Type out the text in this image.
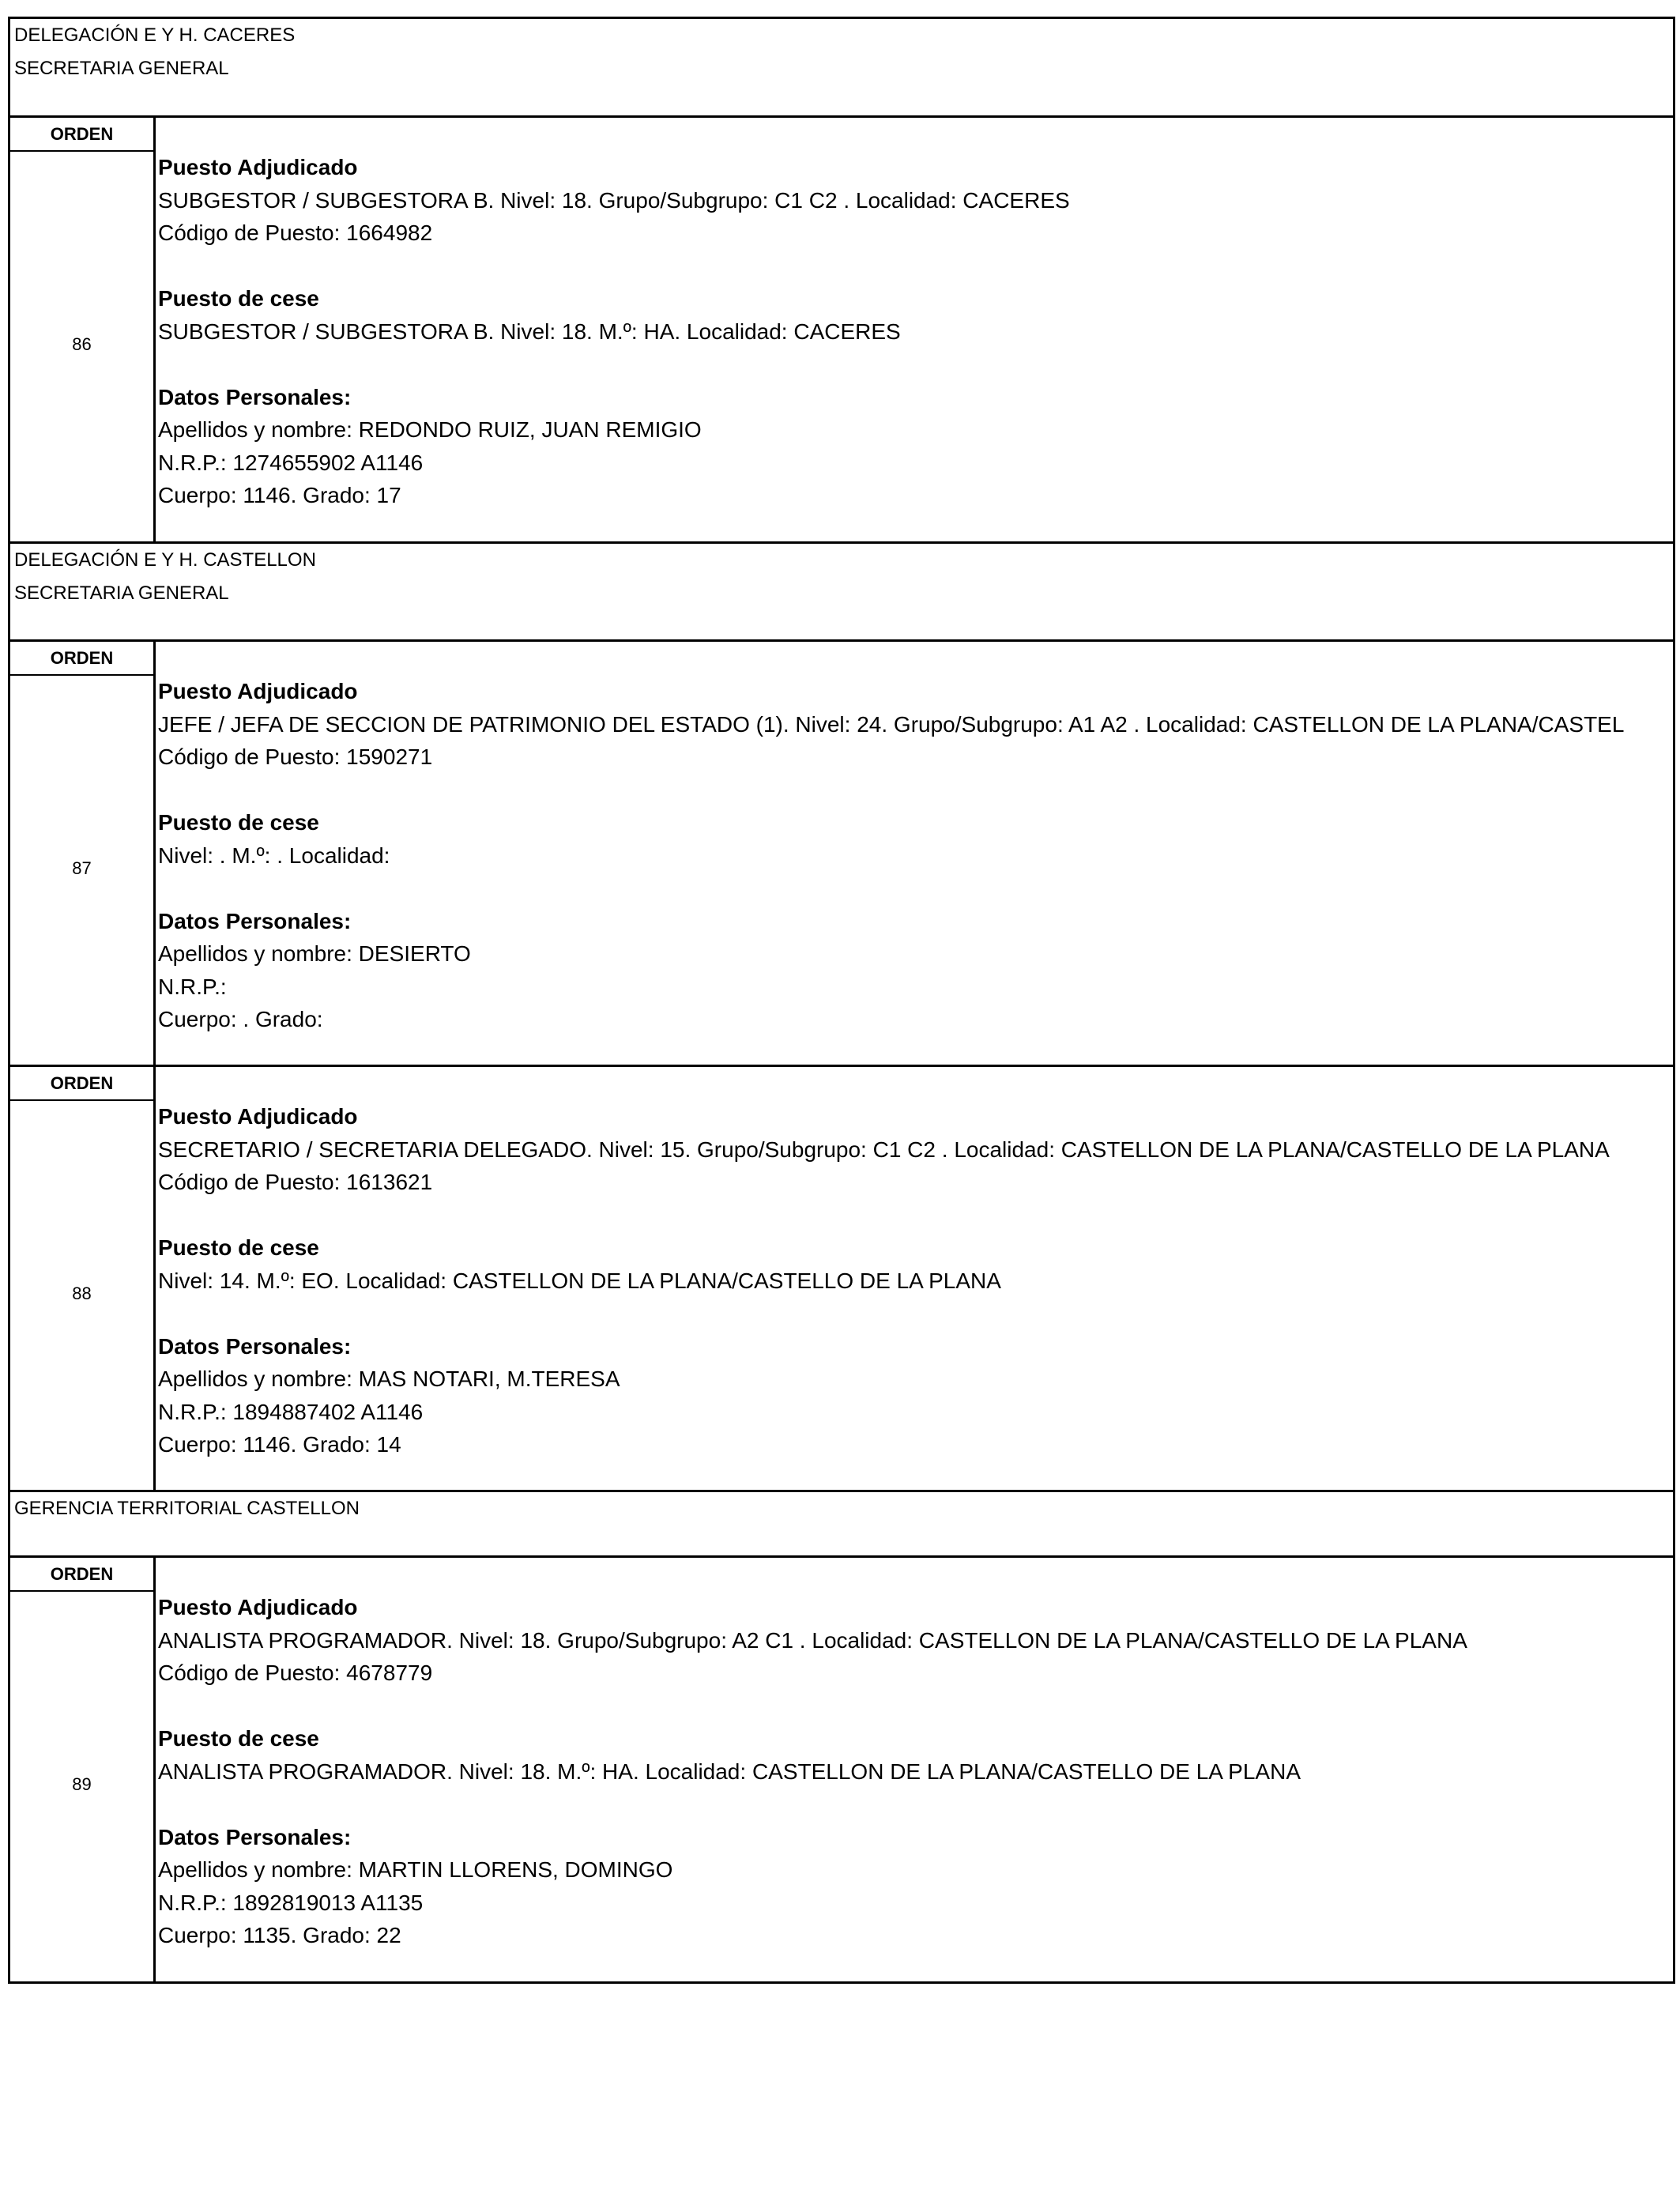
DELEGACIÓN E Y H. CACERES
SECRETARIA GENERAL
ORDEN
86
Puesto Adjudicado
SUBGESTOR / SUBGESTORA B. Nivel: 18. Grupo/Subgrupo: C1 C2 . Localidad: CACERES
Código de Puesto: 1664982
Puesto de cese
SUBGESTOR / SUBGESTORA B. Nivel: 18. M.º: HA. Localidad: CACERES
Datos Personales:
Apellidos y nombre: REDONDO RUIZ, JUAN REMIGIO
N.R.P.: 1274655902 A1146
Cuerpo: 1146. Grado: 17
DELEGACIÓN E Y H. CASTELLON
SECRETARIA GENERAL
ORDEN
87
Puesto Adjudicado
JEFE / JEFA DE SECCION DE PATRIMONIO DEL ESTADO (1). Nivel: 24. Grupo/Subgrupo: A1 A2 . Localidad: CASTELLON DE LA PLANA/CASTEL
Código de Puesto: 1590271
Puesto de cese
Nivel: . M.º: . Localidad:
Datos Personales:
Apellidos y nombre: DESIERTO
N.R.P.:
Cuerpo: . Grado:
ORDEN
88
Puesto Adjudicado
SECRETARIO / SECRETARIA DELEGADO. Nivel: 15. Grupo/Subgrupo: C1 C2 . Localidad: CASTELLON DE LA PLANA/CASTELLO DE LA PLANA
Código de Puesto: 1613621
Puesto de cese
Nivel: 14. M.º: EO. Localidad: CASTELLON DE LA PLANA/CASTELLO DE LA PLANA
Datos Personales:
Apellidos y nombre: MAS NOTARI, M.TERESA
N.R.P.: 1894887402 A1146
Cuerpo: 1146. Grado: 14
GERENCIA TERRITORIAL CASTELLON
ORDEN
89
Puesto Adjudicado
ANALISTA PROGRAMADOR. Nivel: 18. Grupo/Subgrupo: A2 C1 . Localidad: CASTELLON DE LA PLANA/CASTELLO DE LA PLANA
Código de Puesto: 4678779
Puesto de cese
ANALISTA PROGRAMADOR. Nivel: 18. M.º: HA. Localidad: CASTELLON DE LA PLANA/CASTELLO DE LA PLANA
Datos Personales:
Apellidos y nombre: MARTIN LLORENS, DOMINGO
N.R.P.: 1892819013 A1135
Cuerpo: 1135. Grado: 22
